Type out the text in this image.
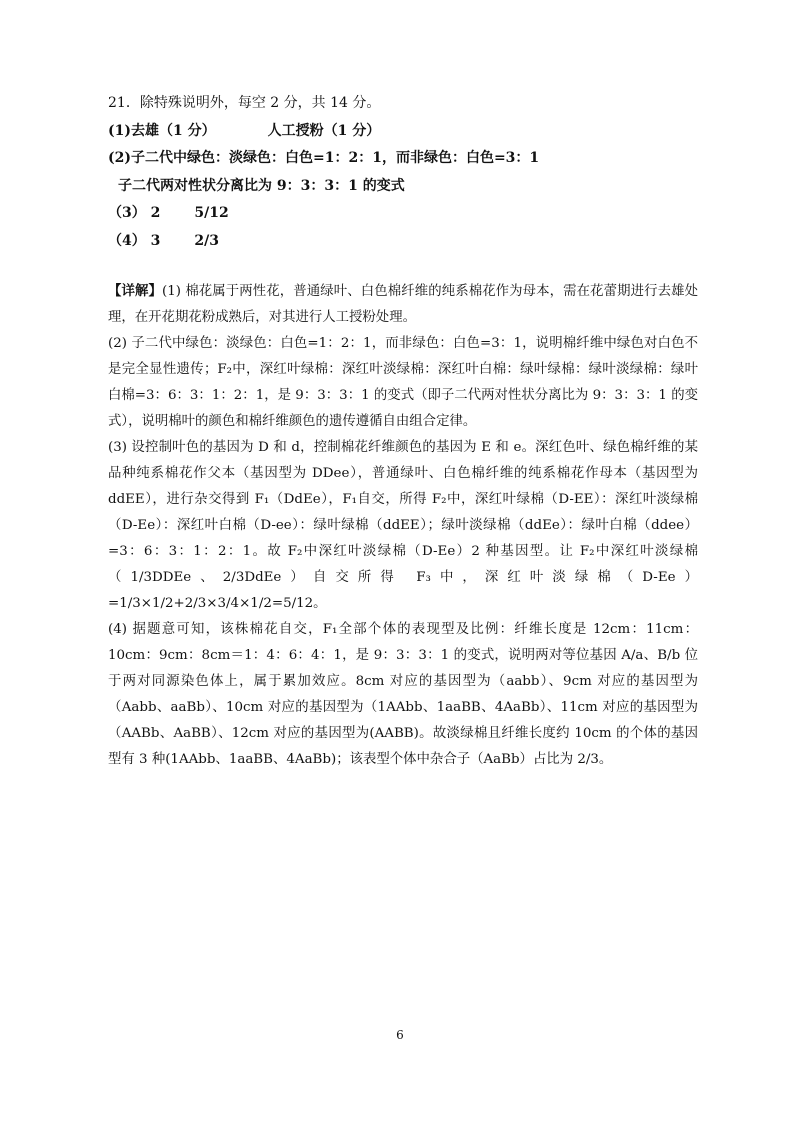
21．除特殊说明外，每空 2 分，共 14 分。
(1)去雄（1 分）	人工授粉（1 分）
(2)子二代中绿色：淡绿色：白色=1：2：1，而非绿色：白色=3：1
子二代两对性状分离比为 9：3：3：1 的变式
（3） 2 5/12
（4） 3 2/3

【详解】(1) 棉花属于两性花，普通绿叶、白色棉纤维的纯系棉花作为母本，需在花蕾期进行去雄处理，在开花期花粉成熟后，对其进行人工授粉处理。

(2) 子二代中绿色：淡绿色：白色=1：2：1，而非绿色：白色=3：1，说明棉纤维中绿色对白色不是完全显性遗传；F₂中，深红叶绿棉：深红叶淡绿棉：深红叶白棉：绿叶绿棉：绿叶淡绿棉：绿叶白棉=3：6：3：1：2：1，是 9：3：3：1 的变式（即子二代两对性状分离比为 9：3：3：1 的变式），说明棉叶的颜色和棉纤维颜色的遗传遵循自由组合定律。

(3) 设控制叶色的基因为 D 和 d，控制棉花纤维颜色的基因为 E 和 e。深红色叶、绿色棉纤维的某品种纯系棉花作父本（基因型为 DDee），普通绿叶、白色棉纤维的纯系棉花作母本（基因型为 ddEE），进行杂交得到 F₁（DdEe），F₁自交，所得 F₂中，深红叶绿棉（D-EE）：深红叶淡绿棉（D-Ee）：深红叶白棉（D-ee）：绿叶绿棉（ddEE）；绿叶淡绿棉（ddEe）：绿叶白棉（ddee）=3：6：3：1：2：1。故 F₂中深红叶淡绿棉（D-Ee）2 种基因型。让 F₂中深红叶淡绿棉（1/3DDEe、2/3DdEe）自交所得 F₃中，深红叶淡绿棉（D-Ee）=1/3×1/2+2/3×3/4×1/2=5/12。

(4) 据题意可知，该株棉花自交，F₁全部个体的表现型及比例：纤维长度是 12cm：11cm：10cm：9cm：8cm＝1：4：6：4：1，是 9：3：3：1 的变式，说明两对等位基因 A/a、B/b 位于两对同源染色体上，属于累加效应。8cm 对应的基因型为（aabb）、9cm 对应的基因型为（Aabb、aaBb）、10cm 对应的基因型为（1AAbb、1aaBB、4AaBb）、11cm 对应的基因型为（AABb、AaBB）、12cm 对应的基因型为(AABB)。故淡绿棉且纤维长度约 10cm 的个体的基因型有 3 种(1AAbb、1aaBB、4AaBb)；该表型个体中杂合子（AaBb）占比为 2/3。

6
